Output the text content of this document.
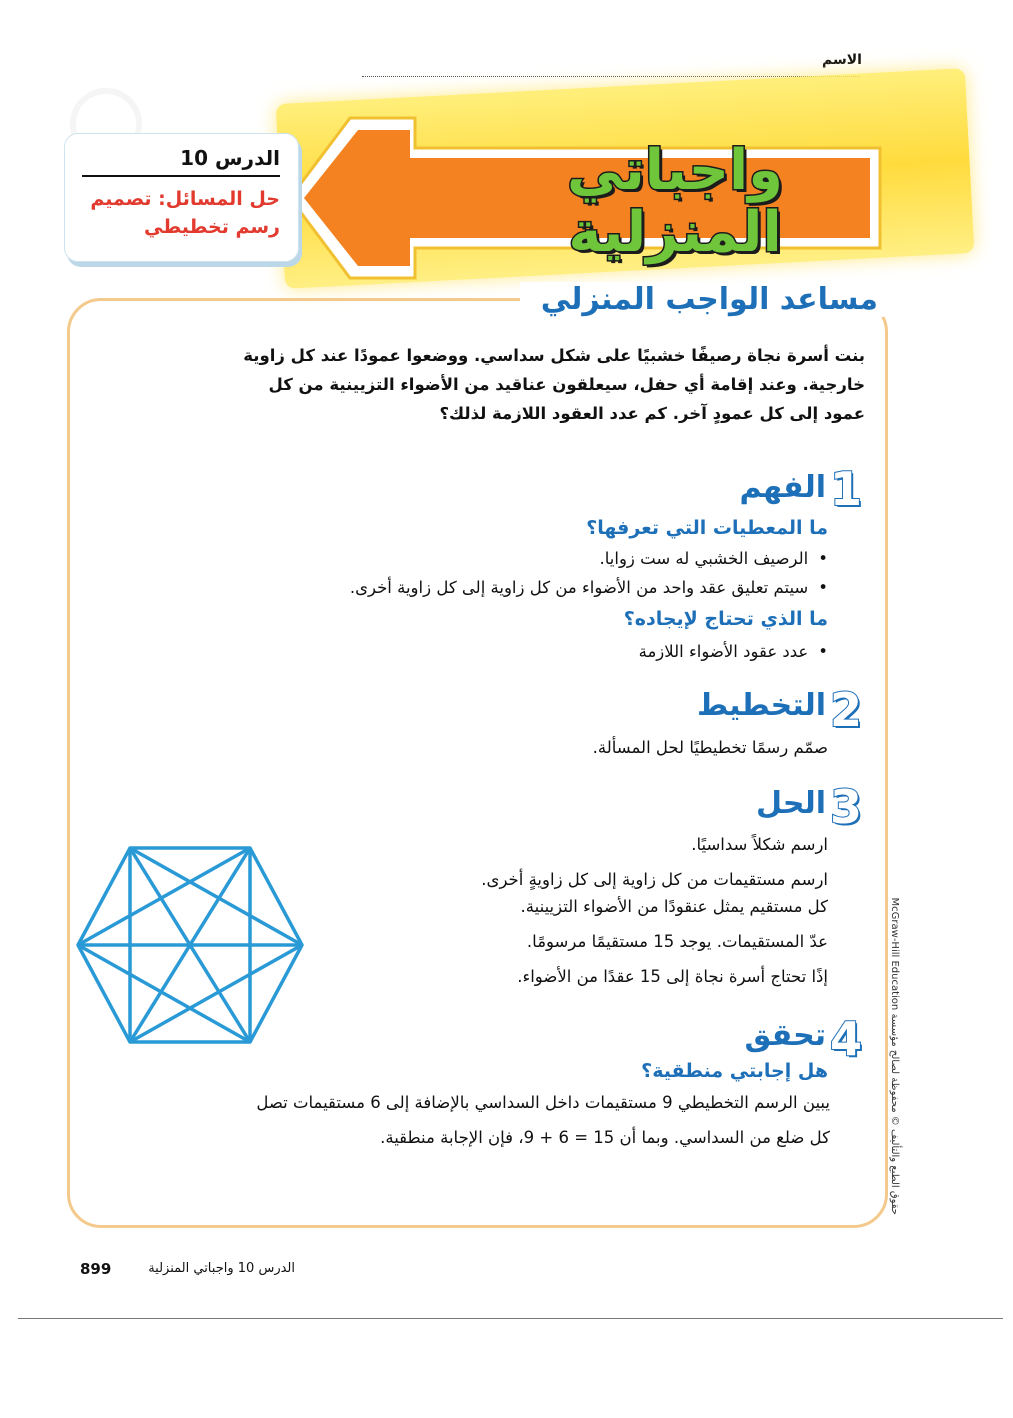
الاسم
واجباتي المنزلية
الدرس 10
حل المسائل: تصميم
رسم تخطيطي
مساعد الواجب المنزلي
بنت أسرة نجاة رصيفًا خشبيًا على شكل سداسي. ووضعوا عمودًا عند كل زاوية خارجية. وعند إقامة أي حفل، سيعلقون عناقيد من الأضواء التزيينية من كل عمود إلى كل عمودٍ آخر. كم عدد العقود اللازمة لذلك؟
1
الفهم
ما المعطيات التي تعرفها؟
• الرصيف الخشبي له ست زوايا.
• سيتم تعليق عقد واحد من الأضواء من كل زاوية إلى كل زاوية أخرى.
ما الذي تحتاج لإيجاده؟
• عدد عقود الأضواء اللازمة
2
التخطيط
صمّم رسمًا تخطيطيًا لحل المسألة.
3
الحل
ارسم شكلاً سداسيًا.
ارسم مستقيمات من كل زاوية إلى كل زاويةٍ أخرى.
كل مستقيم يمثل عنقودًا من الأضواء التزيينية.
عدّ المستقيمات. يوجد 15 مستقيمًا مرسومًا.
إذًا تحتاج أسرة نجاة إلى 15 عقدًا من الأضواء.
4
تحقق
هل إجابتي منطقية؟
يبين الرسم التخطيطي 9 مستقيمات داخل السداسي بالإضافة إلى 6 مستقيمات تصل
كل ضلع من السداسي. وبما أن 15 = 6 + 9، فإن الإجابة منطقية.
899	الدرس 10 واجباتي المنزلية
حقوق الطبع والتأليف © محفوظة لصالح مؤسسة McGraw-Hill Education
